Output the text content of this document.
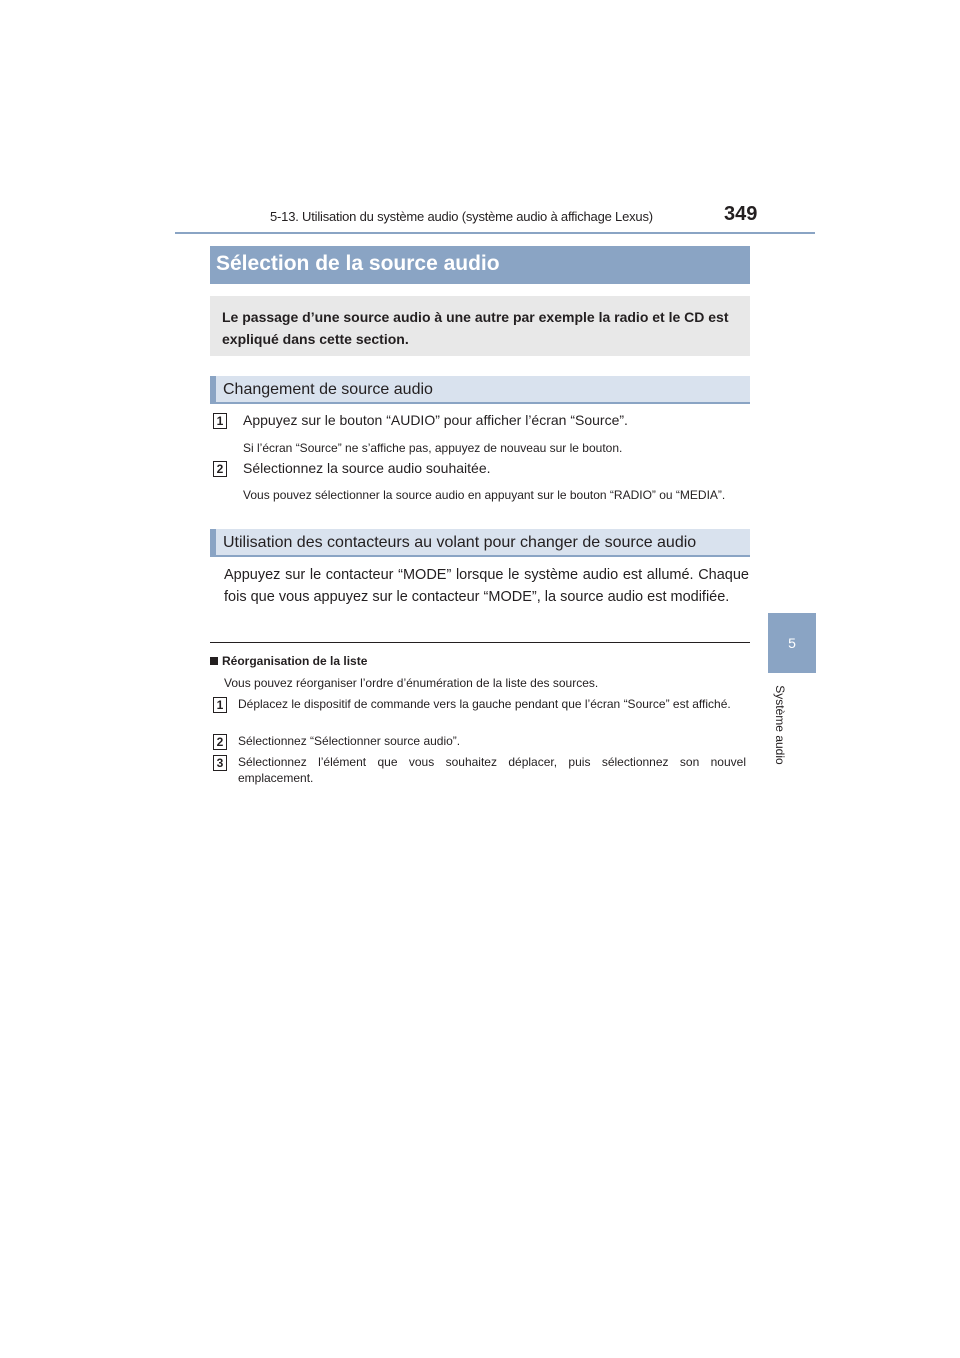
5-13. Utilisation du système audio (système audio à affichage Lexus)	349
5
Système audio
Sélection de la source audio
Le passage d’une source audio à une autre par exemple la radio et le CD est expliqué dans cette section.
Changement de source audio
1 Appuyez sur le bouton “AUDIO” pour afficher l’écran “Source”.
Si l’écran “Source” ne s’affiche pas, appuyez de nouveau sur le bouton.
2 Sélectionnez la source audio souhaitée.
Vous pouvez sélectionner la source audio en appuyant sur le bouton “RADIO” ou “MEDIA”.
Utilisation des contacteurs au volant pour changer de source audio
Appuyez sur le contacteur “MODE” lorsque le système audio est allumé. Chaque fois que vous appuyez sur le contacteur “MODE”, la source audio est modifiée.
Réorganisation de la liste
Vous pouvez réorganiser l’ordre d’énumération de la liste des sources.
1	Déplacez le dispositif de commande vers la gauche pendant que l’écran “Source” est affiché.
2	Sélectionnez “Sélectionner source audio”.
3	Sélectionnez l’élément que vous souhaitez déplacer, puis sélectionnez son nouvel emplacement.
